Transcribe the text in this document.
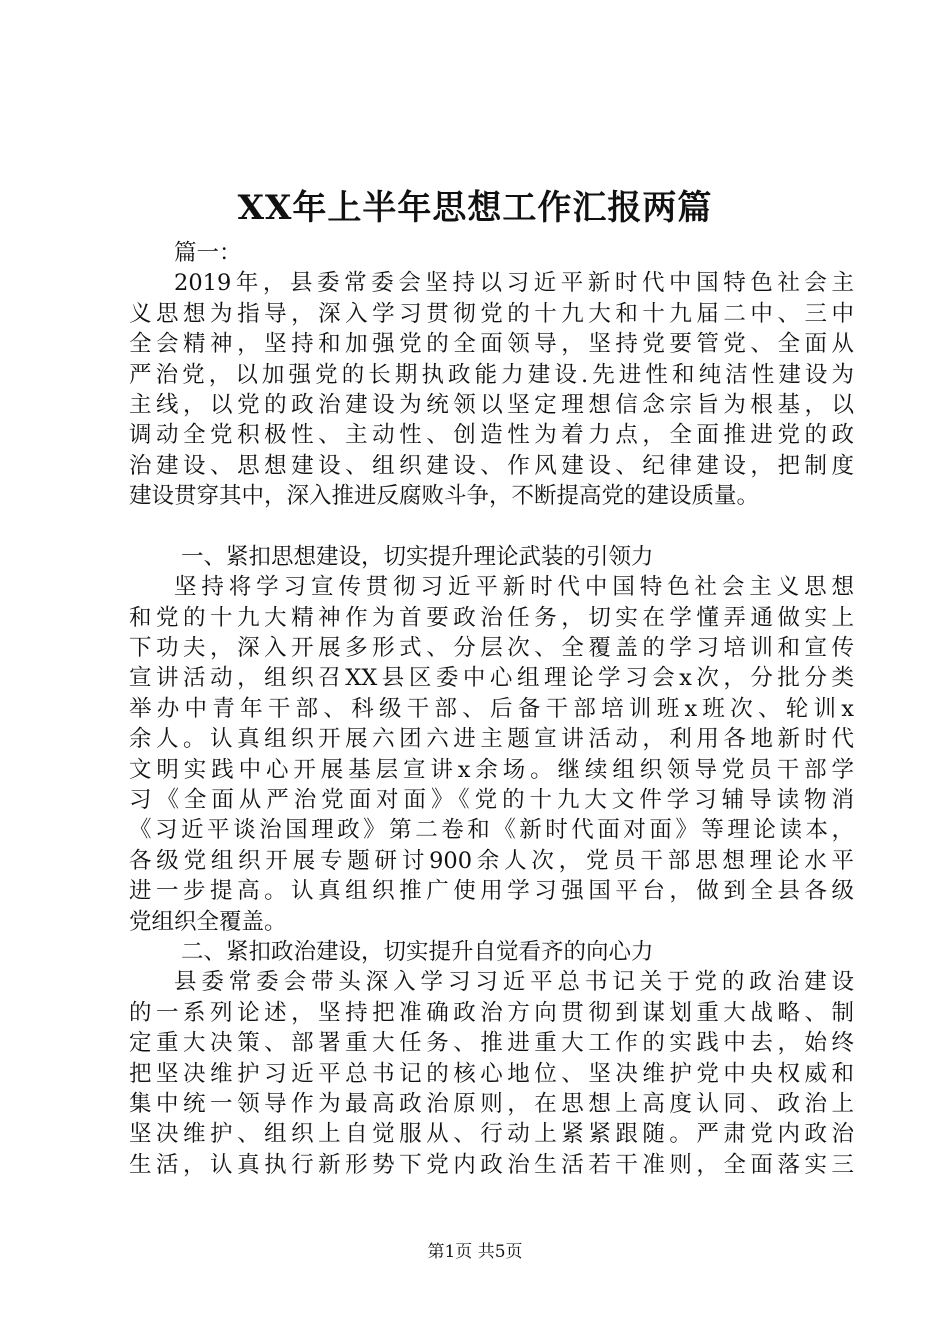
XX年上半年思想工作汇报两篇
篇一：
2019年，县委常委会坚持以习近平新时代中国特色社会主
义思想为指导，深入学习贯彻党的十九大和十九届二中、三中
全会精神，坚持和加强党的全面领导，坚持党要管党、全面从
严治党，以加强党的长期执政能力建设.先进性和纯洁性建设为
主线，以党的政治建设为统领以坚定理想信念宗旨为根基，以
调动全党积极性、主动性、创造性为着力点，全面推进党的政
治建设、思想建设、组织建设、作风建设、纪律建设，把制度
建设贯穿其中，深入推进反腐败斗争，不断提高党的建设质量。
一、紧扣思想建设，切实提升理论武装的引领力
坚持将学习宣传贯彻习近平新时代中国特色社会主义思想
和党的十九大精神作为首要政治任务，切实在学懂弄通做实上
下功夫，深入开展多形式、分层次、全覆盖的学习培训和宣传
宣讲活动，组织召XX县区委中心组理论学习会x次，分批分类
举办中青年干部、科级干部、后备干部培训班x班次、轮训x
余人。认真组织开展六团六进主题宣讲活动，利用各地新时代
文明实践中心开展基层宣讲x余场。继续组织领导党员干部学
习《全面从严治党面对面》《党的十九大文件学习辅导读物消
《习近平谈治国理政》第二卷和《新时代面对面》等理论读本，
各级党组织开展专题研讨900余人次，党员干部思想理论水平
进一步提高。认真组织推广使用学习强国平台，做到全县各级
党组织全覆盖。
二、紧扣政治建设，切实提升自觉看齐的向心力
县委常委会带头深入学习习近平总书记关于党的政治建设
的一系列论述，坚持把准确政治方向贯彻到谋划重大战略、制
定重大决策、部署重大任务、推进重大工作的实践中去，始终
把坚决维护习近平总书记的核心地位、坚决维护党中央权威和
集中统一领导作为最高政治原则，在思想上高度认同、政治上
坚决维护、组织上自觉服从、行动上紧紧跟随。严肃党内政治
生活，认真执行新形势下党内政治生活若干准则，全面落实三
第1页 共5页
